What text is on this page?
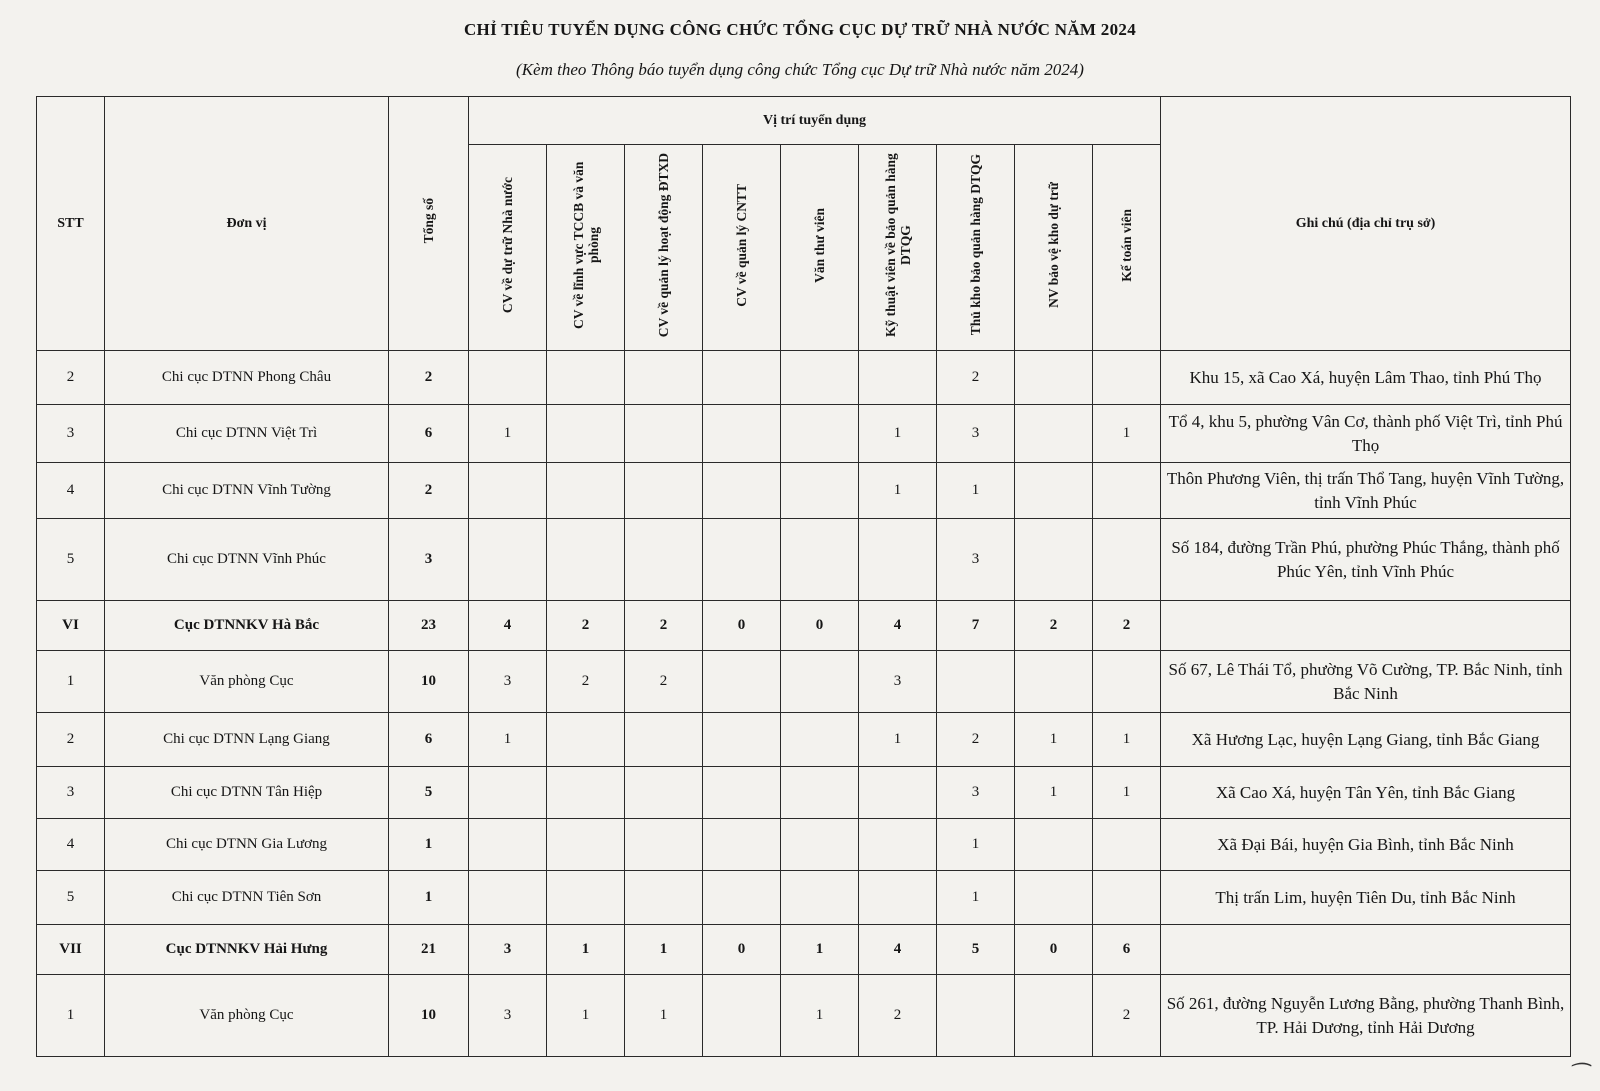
CHỈ TIÊU TUYỂN DỤNG CÔNG CHỨC TỔNG CỤC DỰ TRỮ NHÀ NƯỚC NĂM 2024
(Kèm theo Thông báo tuyển dụng công chức Tổng cục Dự trữ Nhà nước năm 2024)
STT	Đơn vị	Tổng số	Vị trí tuyển dụng									Ghi chú (địa chỉ trụ sở)
			CV về dự trữ Nhà nước	CV về lĩnh vực TCCB và văn phòng	CV về quản lý hoạt động ĐTXD	CV về quản lý CNTT	Văn thư viên	Kỹ thuật viên về bảo quản hàng DTQG	Thủ kho bảo quản hàng DTQG	NV bảo vệ kho dự trữ	Kế toán viên	
2	Chi cục DTNN Phong Châu	2							2			Khu 15, xã Cao Xá, huyện Lâm Thao, tỉnh Phú Thọ
3	Chi cục DTNN Việt Trì	6	1					1	3		1	Tổ 4, khu 5, phường Vân Cơ, thành phố Việt Trì, tỉnh Phú Thọ
4	Chi cục DTNN Vĩnh Tường	2						1	1			Thôn Phương Viên, thị trấn Thổ Tang, huyện Vĩnh Tường, tỉnh Vĩnh Phúc
5	Chi cục DTNN Vĩnh Phúc	3							3			Số 184, đường Trần Phú, phường Phúc Thắng, thành phố Phúc Yên, tỉnh Vĩnh Phúc
VI	Cục DTNNKV Hà Bắc	23	4	2	2	0	0	4	7	2	2	
1	Văn phòng Cục	10	3	2	2			3				Số 67, Lê Thái Tổ, phường Võ Cường, TP. Bắc Ninh, tỉnh Bắc Ninh
2	Chi cục DTNN Lạng Giang	6	1					1	2	1	1	Xã Hương Lạc, huyện Lạng Giang, tỉnh Bắc Giang
3	Chi cục DTNN Tân Hiệp	5							3	1	1	Xã Cao Xá, huyện Tân Yên, tỉnh Bắc Giang
4	Chi cục DTNN Gia Lương	1							1			Xã Đại Bái, huyện Gia Bình, tỉnh Bắc Ninh
5	Chi cục DTNN Tiên Sơn	1							1			Thị trấn Lim, huyện Tiên Du, tỉnh Bắc Ninh
VII	Cục DTNNKV Hải Hưng	21	3	1	1	0	1	4	5	0	6	
1	Văn phòng Cục	10	3	1	1		1	2			2	Số 261, đường Nguyễn Lương Bằng, phường Thanh Bình, TP. Hải Dương, tỉnh Hải Dương
⁀
